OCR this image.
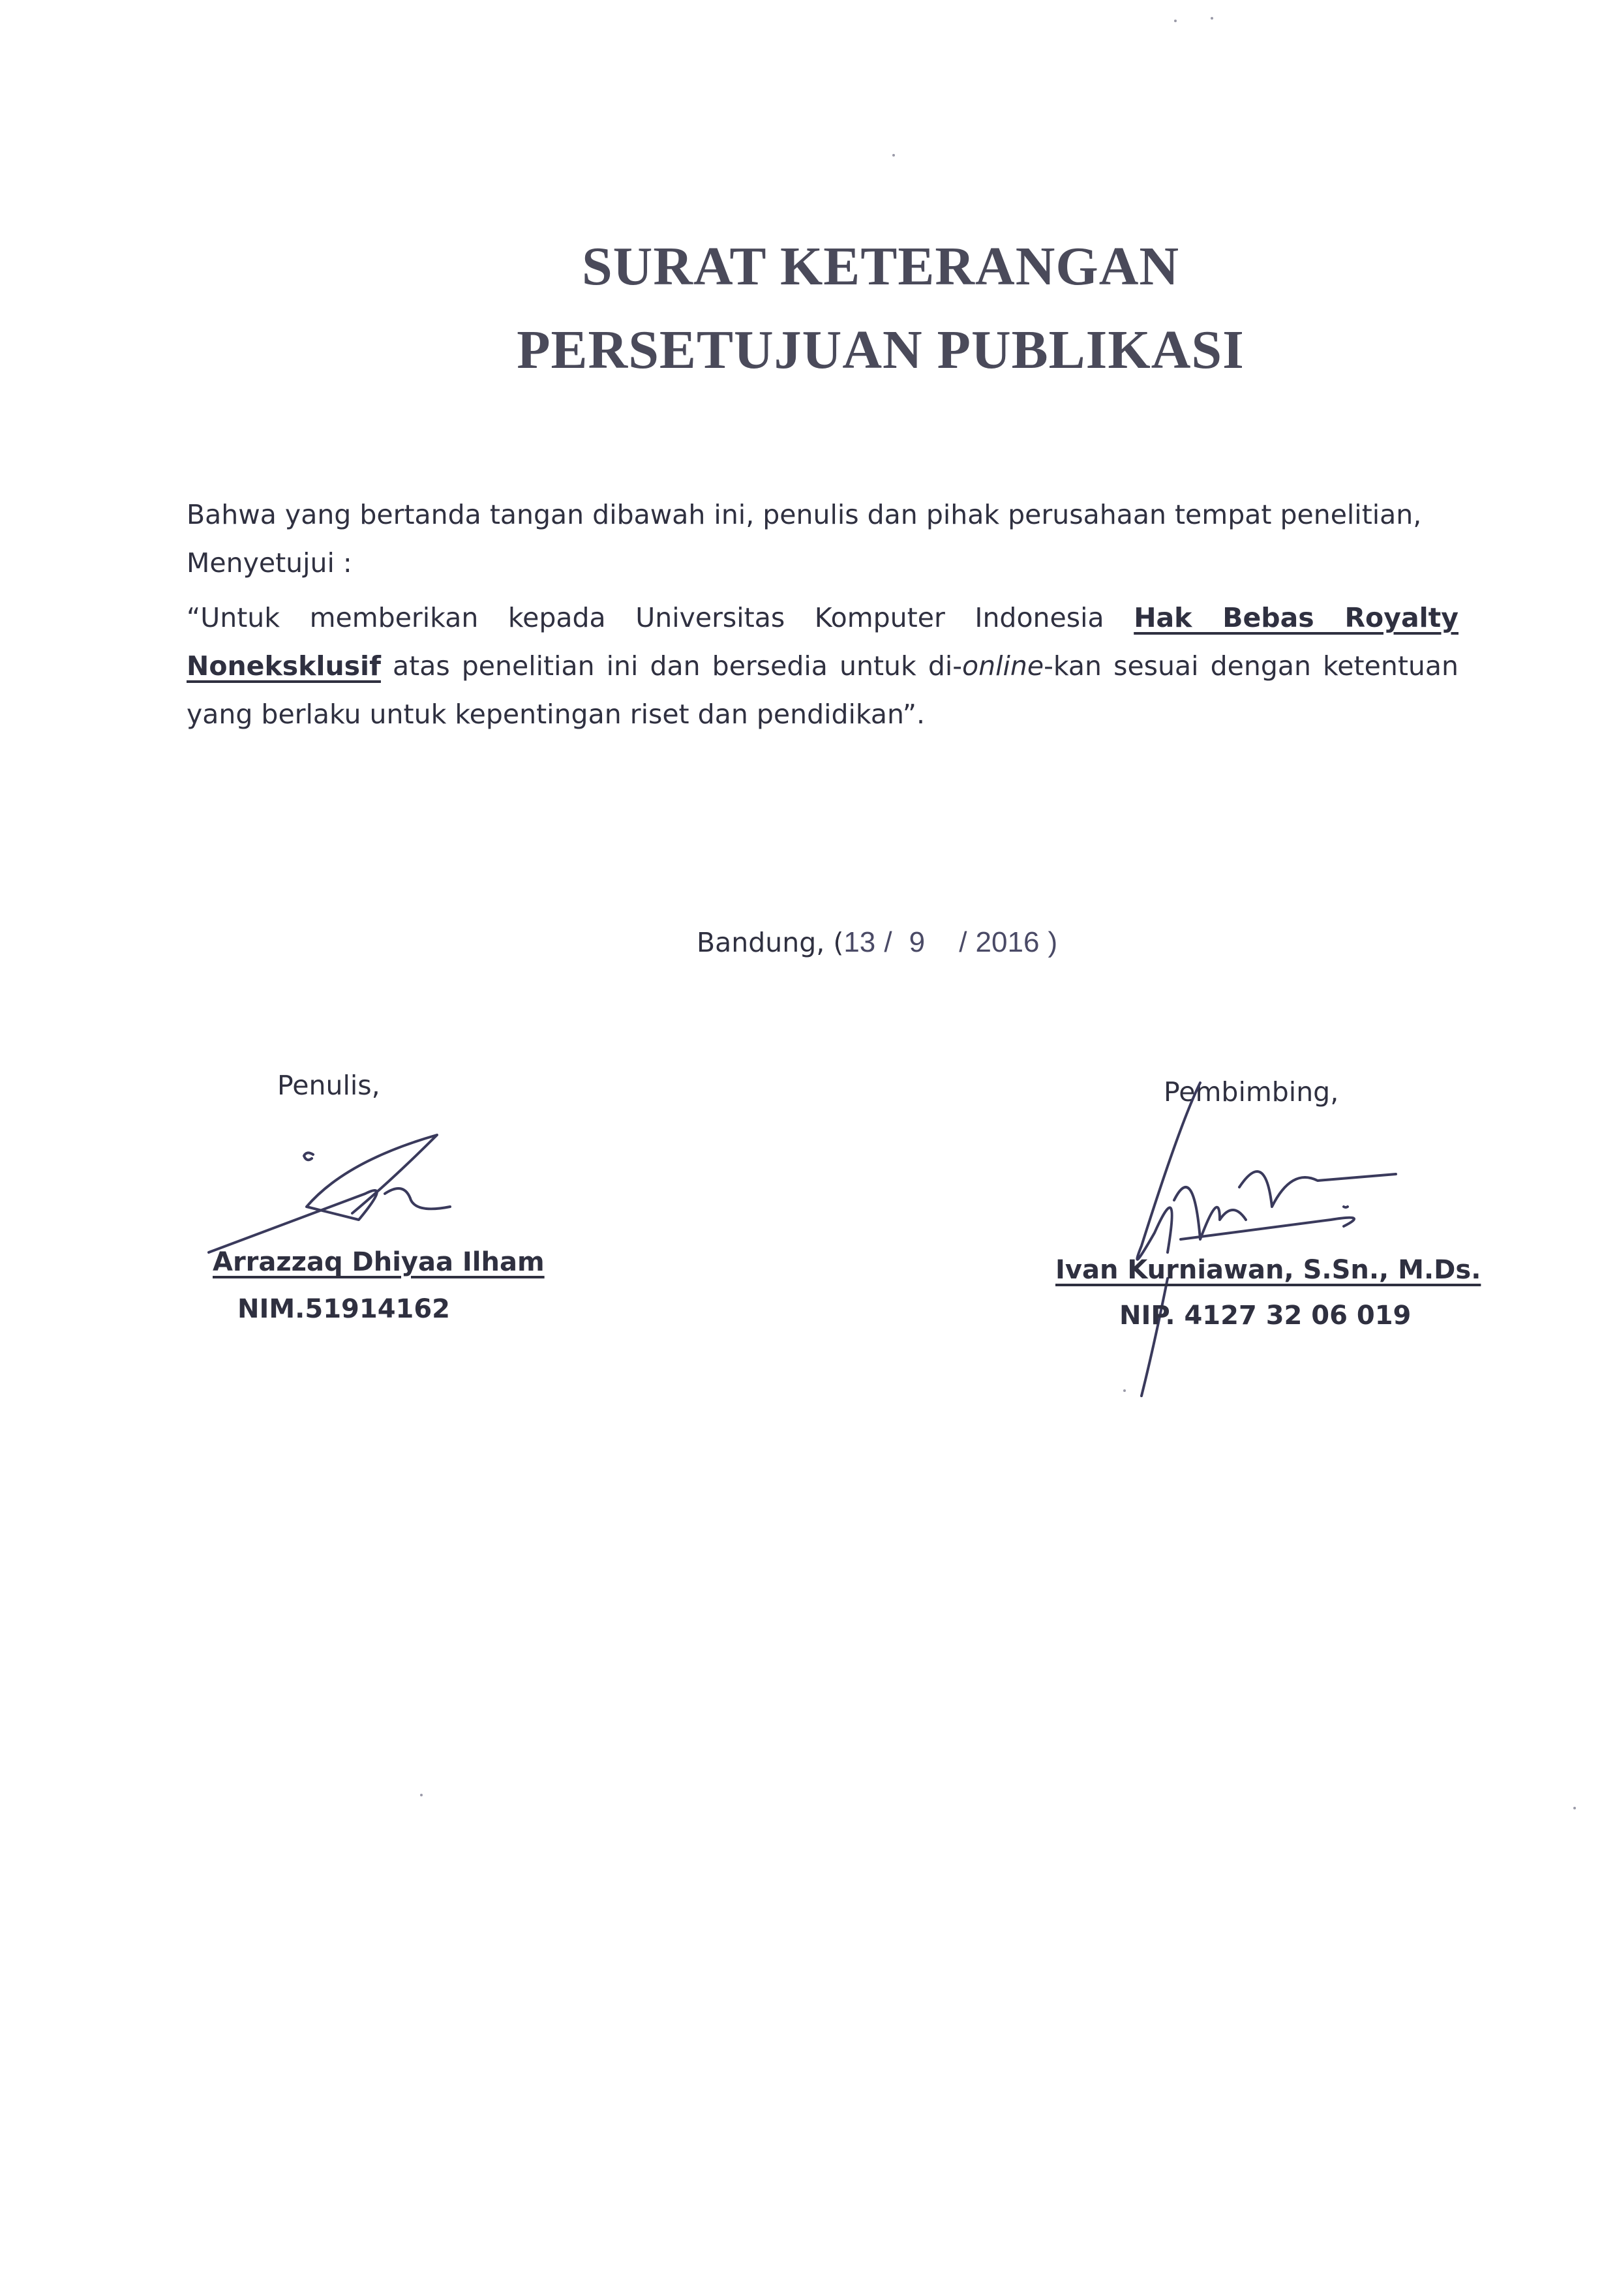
SURAT KETERANGAN
PERSETUJUAN PUBLIKASI
Bahwa yang bertanda tangan dibawah ini, penulis dan pihak perusahaan tempat penelitian,
Menyetujui :
“Untuk memberikan kepada Universitas Komputer Indonesia Hak Bebas Royalty Noneksklusif atas penelitian ini dan bersedia untuk di-online-kan sesuai dengan ketentuan yang berlaku untuk kepentingan riset dan pendidikan”.
Bandung, (13 / 9 / 2016 )
Penulis,
Arrazzaq Dhiyaa Ilham
NIM.51914162
Pembimbing,
Ivan Kurniawan, S.Sn., M.Ds.
NIP. 4127 32 06 019
